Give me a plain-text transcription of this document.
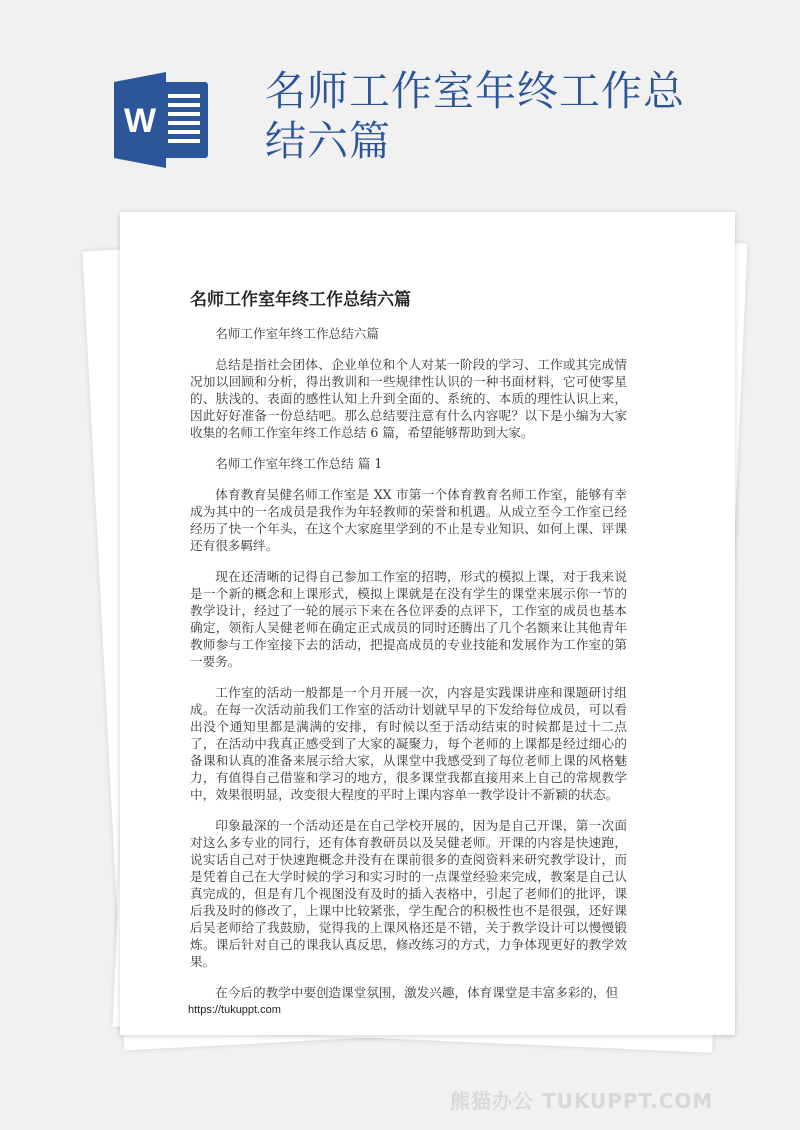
W
名师工作室年终工作总结六篇
名师工作室年终工作总结六篇

名师工作室年终工作总结六篇

总结是指社会团体、企业单位和个人对某一阶段的学习、工作或其完成情况加以回顾和分析，得出教训和一些规律性认识的一种书面材料，它可使零星的、肤浅的、表面的感性认知上升到全面的、系统的、本质的理性认识上来，因此好好准备一份总结吧。那么总结要注意有什么内容呢？以下是小编为大家收集的名师工作室年终工作总结 6 篇，希望能够帮助到大家。

名师工作室年终工作总结 篇 1

体育教育吴健名师工作室是 XX 市第一个体育教育名师工作室，能够有幸成为其中的一名成员是我作为年轻教师的荣誉和机遇。从成立至今工作室已经经历了快一个年头，在这个大家庭里学到的不止是专业知识、如何上课、评课还有很多羁绊。

现在还清晰的记得自己参加工作室的招聘，形式的模拟上课，对于我来说是一个新的概念和上课形式，模拟上课就是在没有学生的课堂来展示你一节的教学设计，经过了一轮的展示下来在各位评委的点评下，工作室的成员也基本确定，领衔人吴健老师在确定正式成员的同时还腾出了几个名额来让其他青年教师参与工作室接下去的活动，把提高成员的专业技能和发展作为工作室的第一要务。

工作室的活动一般都是一个月开展一次，内容是实践课讲座和课题研讨组成。在每一次活动前我们工作室的活动计划就早早的下发给每位成员，可以看出没个通知里都是满满的安排，有时候以至于活动结束的时候都是过十二点了，在活动中我真正感受到了大家的凝聚力，每个老师的上课都是经过细心的备课和认真的准备来展示给大家，从课堂中我感受到了每位老师上课的风格魅力，有值得自己借鉴和学习的地方，很多课堂我都直接用来上自己的常规教学中，效果很明显，改变很大程度的平时上课内容单一教学设计不新颖的状态。

印象最深的一个活动还是在自己学校开展的，因为是自己开课，第一次面对这么多专业的同行，还有体育教研员以及吴健老师。开课的内容是快速跑，说实话自己对于快速跑概念并没有在课前很多的查阅资料来研究教学设计，而是凭着自己在大学时候的学习和实习时的一点课堂经验来完成，教案是自己认真完成的，但是有几个视图没有及时的插入表格中，引起了老师们的批评，课后我及时的修改了，上课中比较紧张，学生配合的积极性也不是很强，还好课后吴老师给了我鼓励，觉得我的上课风格还是不错，关于教学设计可以慢慢锻炼。课后针对自己的课我认真反思，修改练习的方式，力争体现更好的教学效果。

在今后的教学中要创造课堂氛围，激发兴趣，体育课堂是丰富多彩的，但

https://tukuppt.com
熊猫办公 TUKUPPT.COM
